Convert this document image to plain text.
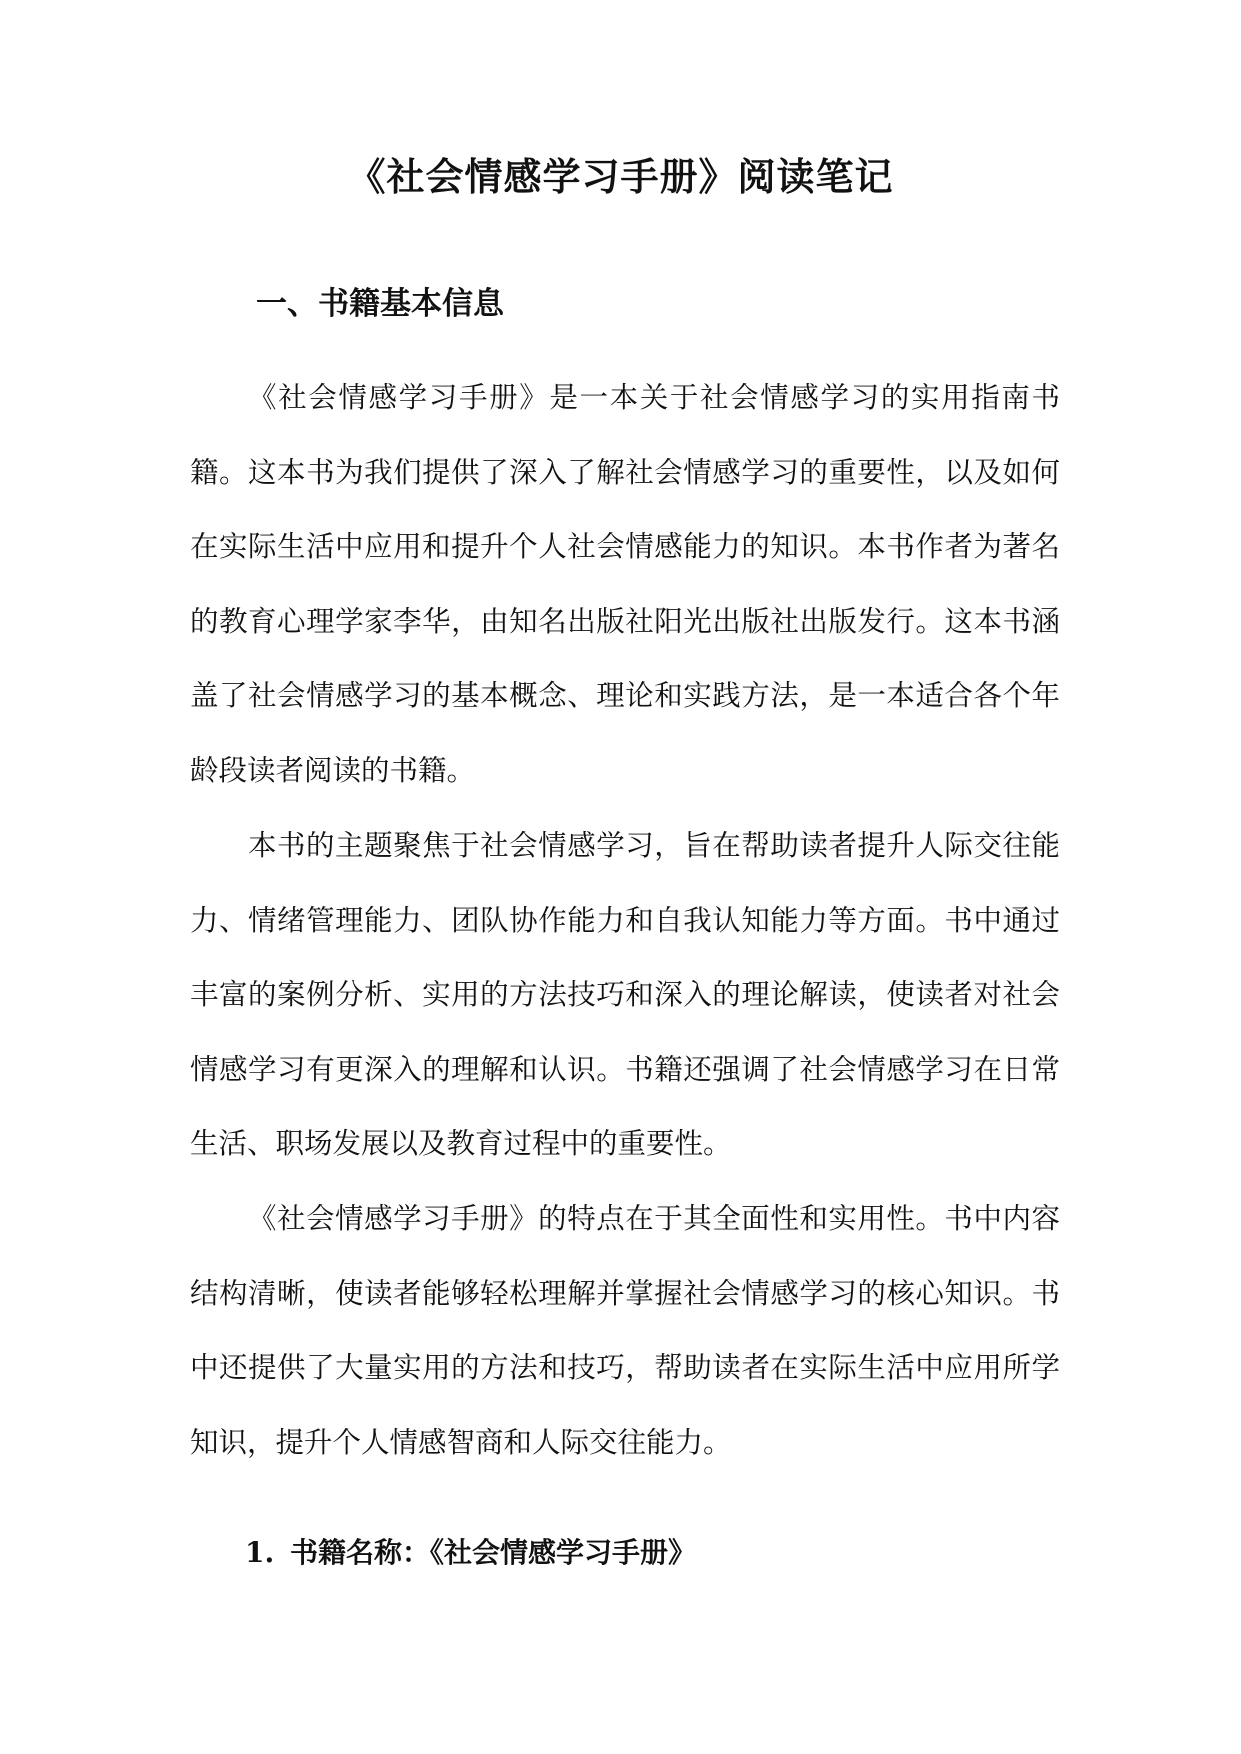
《社会情感学习手册》阅读笔记
一、书籍基本信息

《社会情感学习手册》是一本关于社会情感学习的实用指南书籍。这本书为我们提供了深入了解社会情感学习的重要性，以及如何在实际生活中应用和提升个人社会情感能力的知识。本书作者为著名的教育心理学家李华，由知名出版社阳光出版社出版发行。这本书涵盖了社会情感学习的基本概念、理论和实践方法，是一本适合各个年龄段读者阅读的书籍。

本书的主题聚焦于社会情感学习，旨在帮助读者提升人际交往能力、情绪管理能力、团队协作能力和自我认知能力等方面。书中通过丰富的案例分析、实用的方法技巧和深入的理论解读，使读者对社会情感学习有更深入的理解和认识。书籍还强调了社会情感学习在日常生活、职场发展以及教育过程中的重要性。

《社会情感学习手册》的特点在于其全面性和实用性。书中内容结构清晰，使读者能够轻松理解并掌握社会情感学习的核心知识。书中还提供了大量实用的方法和技巧，帮助读者在实际生活中应用所学知识，提升个人情感智商和人际交往能力。

1. 书籍名称：《社会情感学习手册》
